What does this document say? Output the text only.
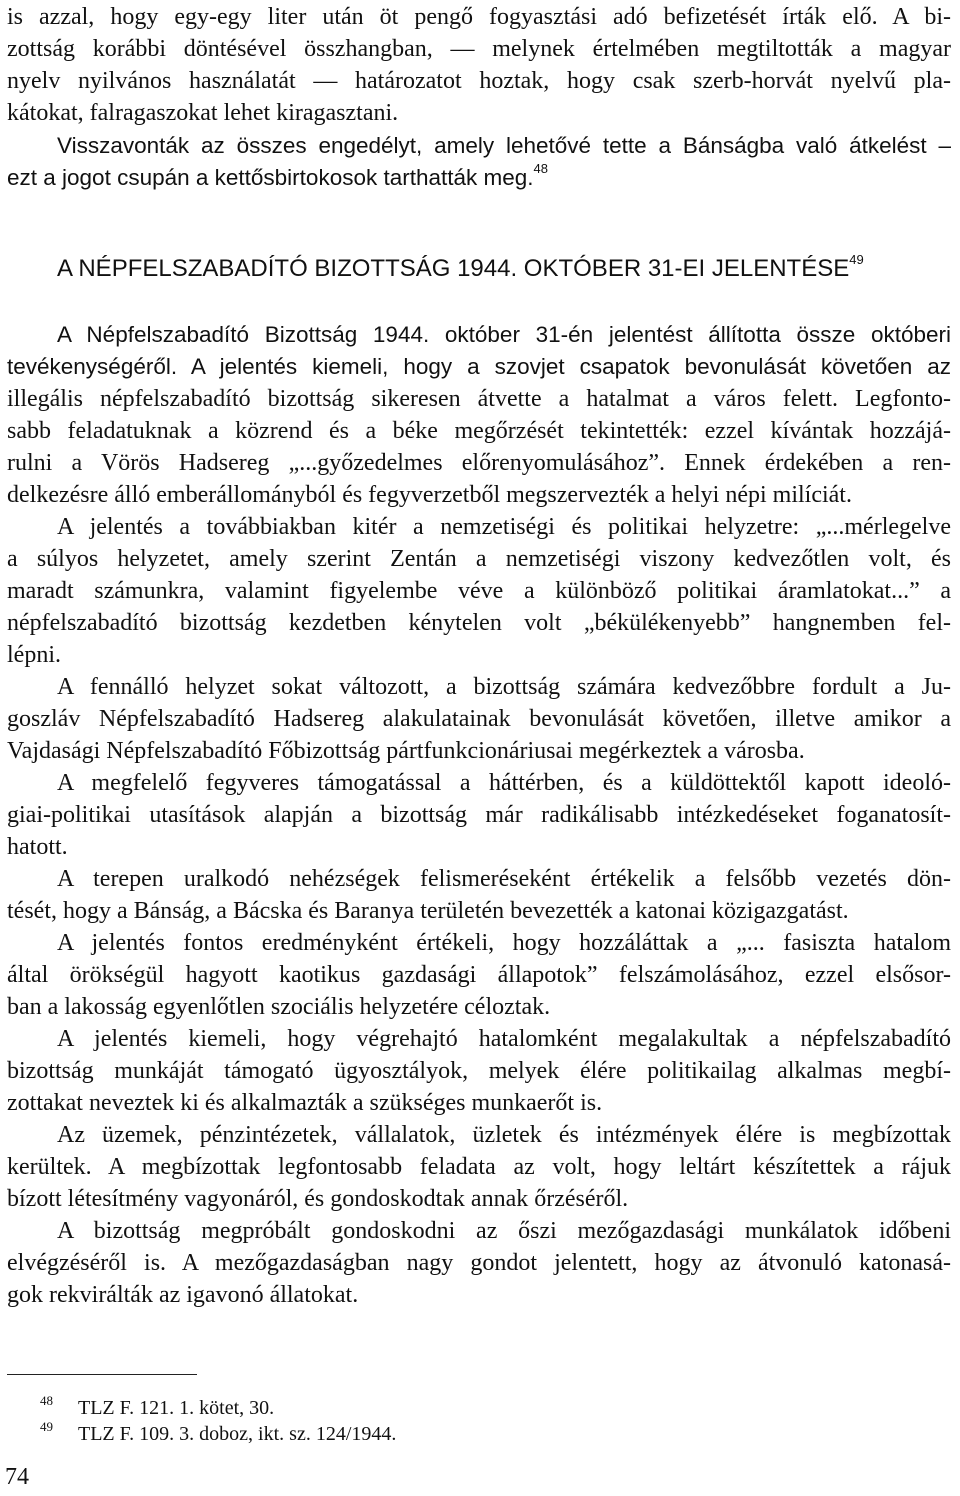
is azzal, hogy egy-egy liter után öt pengő fogyasztási adó befizetését írták elő. A bi-
zottság korábbi döntésével összhangban, — melynek értelmében megtiltották a magyar
nyelv nyilvános használatát — határozatot hoztak, hogy csak szerb-horvát nyelvű pla-
kátokat, falragaszokat lehet kiragasztani.
Visszavonták az összes engedélyt, amely lehetővé tette a Bánságba való átkelést –
ezt a jogot csupán a kettősbirtokosok tarthatták meg.$^{48}$
A NÉPFELSZABADÍTÓ BIZOTTSÁG 1944. OKTÓBER 31-EI JELENTÉSE$^{49}$
A Népfelszabadító Bizottság 1944. október 31-én jelentést állította össze októberi
tevékenységéről. A jelentés kiemeli, hogy a szovjet csapatok bevonulását követően az
illegális népfelszabadító bizottság sikeresen átvette a hatalmat a város felett. Legfonto-
sabb feladatuknak a közrend és a béke megőrzését tekintették: ezzel kívántak hozzájá-
rulni a Vörös Hadsereg „...győzedelmes előrenyomulásához”. Ennek érdekében a ren-
delkezésre álló emberállományból és fegyverzetből megszervezték a helyi népi milíciát.
A jelentés a továbbiakban kitér a nemzetiségi és politikai helyzetre: „...mérlegelve
a súlyos helyzetet, amely szerint Zentán a nemzetiségi viszony kedvezőtlen volt, és
maradt számunkra, valamint figyelembe véve a különböző politikai áramlatokat...” a
népfelszabadító bizottság kezdetben kénytelen volt „békülékenyebb” hangnemben fel-
lépni.
A fennálló helyzet sokat változott, a bizottság számára kedvezőbbre fordult a Ju-
goszláv Népfelszabadító Hadsereg alakulatainak bevonulását követően, illetve amikor a
Vajdasági Népfelszabadító Főbizottság pártfunkcionáriusai megérkeztek a városba.
A megfelelő fegyveres támogatással a háttérben, és a küldöttektől kapott ideoló-
giai-politikai utasítások alapján a bizottság már radikálisabb intézkedéseket foganatosít-
hatott.
A terepen uralkodó nehézségek felismeréseként értékelik a felsőbb vezetés dön-
tését, hogy a Bánság, a Bácska és Baranya területén bevezették a katonai közigazgatást.
A jelentés fontos eredményként értékeli, hogy hozzáláttak a „... fasiszta hatalom
által örökségül hagyott kaotikus gazdasági állapotok” felszámolásához, ezzel elsősor-
ban a lakosság egyenlőtlen szociális helyzetére céloztak.
A jelentés kiemeli, hogy végrehajtó hatalomként megalakultak a népfelszabadító
bizottság munkáját támogató ügyosztályok, melyek élére politikailag alkalmas megbí-
zottakat neveztek ki és alkalmazták a szükséges munkaerőt is.
Az üzemek, pénzintézetek, vállalatok, üzletek és intézmények élére is megbízottak
kerültek. A megbízottak legfontosabb feladata az volt, hogy leltárt készítettek a rájuk
bízott létesítmény vagyonáról, és gondoskodtak annak őrzéséről.
A bizottság megpróbált gondoskodni az őszi mezőgazdasági munkálatok időbeni
elvégzéséről is. A mezőgazdaságban nagy gondot jelentett, hogy az átvonuló katonasá-
gok rekvirálták az igavonó állatokat.
48 TLZ F. 121. 1. kötet, 30.
49 TLZ F. 109. 3. doboz, ikt. sz. 124/1944.
74
